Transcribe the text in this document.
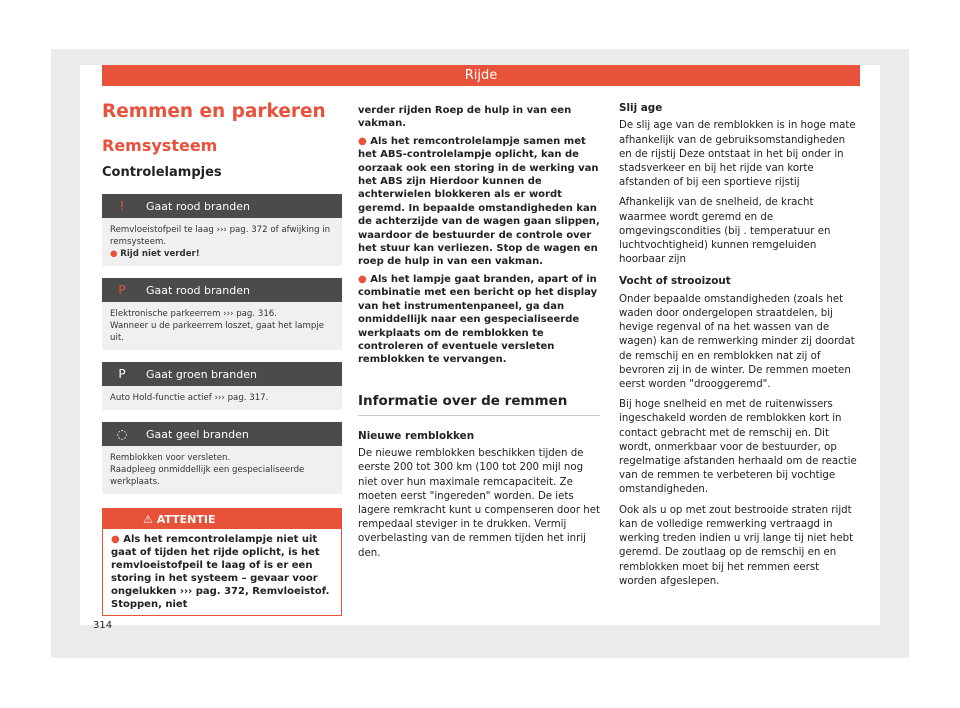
Rijde
Remmen en parkeren
Remsysteem
Controlelampjes
!	Gaat rood branden
Remvloeistofpeil te laag ››› pag. 372 of afwijking in remsysteem.
● Rijd niet verder!
P	Gaat rood branden
Elektronische parkeerrem ››› pag. 316.
Wanneer u de parkeerrem loszet, gaat het lampje uit.
P	Gaat groen branden
Auto Hold-functie actief ››› pag. 317.
◌	Gaat geel branden
Remblokken voor versleten.
Raadpleeg onmiddellijk een gespecialiseerde werkplaats.
⚠ ATTENTIE
● Als het remcontrolelampje niet uit gaat of tijden het rijde oplicht, is het remvloeistofpeil te laag of is er een storing in het systeem – gevaar voor ongelukken ››› pag. 372, Remvloeistof. Stoppen, niet

verder rijden Roep de hulp in van een vakman.

● Als het remcontrolelampje samen met het ABS-controlelampje oplicht, kan de oorzaak ook een storing in de werking van het ABS zijn Hierdoor kunnen de achterwielen blokkeren als er wordt geremd. In bepaalde omstandigheden kan de achterzijde van de wagen gaan slippen, waardoor de bestuurder de controle over het stuur kan verliezen. Stop de wagen en roep de hulp in van een vakman.

● Als het lampje gaat branden, apart of in combinatie met een bericht op het display van het instrumentenpaneel, ga dan onmiddellijk naar een gespecialiseerde werkplaats om de remblokken te controleren of eventuele versleten remblokken te vervangen.

Informatie over de remmen

Nieuwe remblokken

De nieuwe remblokken beschikken tijden de eerste 200 tot 300 km (100 tot 200 mijl nog niet over hun maximale remcapaciteit. Ze moeten eerst "ingereden" worden. De iets lagere remkracht kunt u compenseren door het rempedaal steviger in te drukken. Vermij overbelasting van de remmen tijden het inrij den.

Slij age

De slij age van de remblokken is in hoge mate afhankelijk van de gebruiksomstandigheden en de rijstij Deze ontstaat in het bij onder in stadsverkeer en bij het rijde van korte afstanden of bij een sportieve rijstij

Afhankelijk van de snelheid, de kracht waarmee wordt geremd en de omgevingscondities (bij . temperatuur en luchtvochtigheid) kunnen remgeluiden hoorbaar zijn

Vocht of strooizout

Onder bepaalde omstandigheden (zoals het waden door ondergelopen straatdelen, bij hevige regenval of na het wassen van de wagen) kan de remwerking minder zij doordat de remschij en en remblokken nat zij of bevroren zij in de winter. De remmen moeten eerst worden "drooggeremd".

Bij hoge snelheid en met de ruitenwissers ingeschakeld worden de remblokken kort in contact gebracht met de remschij en. Dit wordt, onmerkbaar voor de bestuurder, op regelmatige afstanden herhaald om de reactie van de remmen te verbeteren bij vochtige omstandigheden.

Ook als u op met zout bestrooide straten rijdt kan de volledige remwerking vertraagd in werking treden indien u vrij lange tij niet hebt geremd. De zoutlaag op de remschij en en remblokken moet bij het remmen eerst worden afgeslepen.

314
